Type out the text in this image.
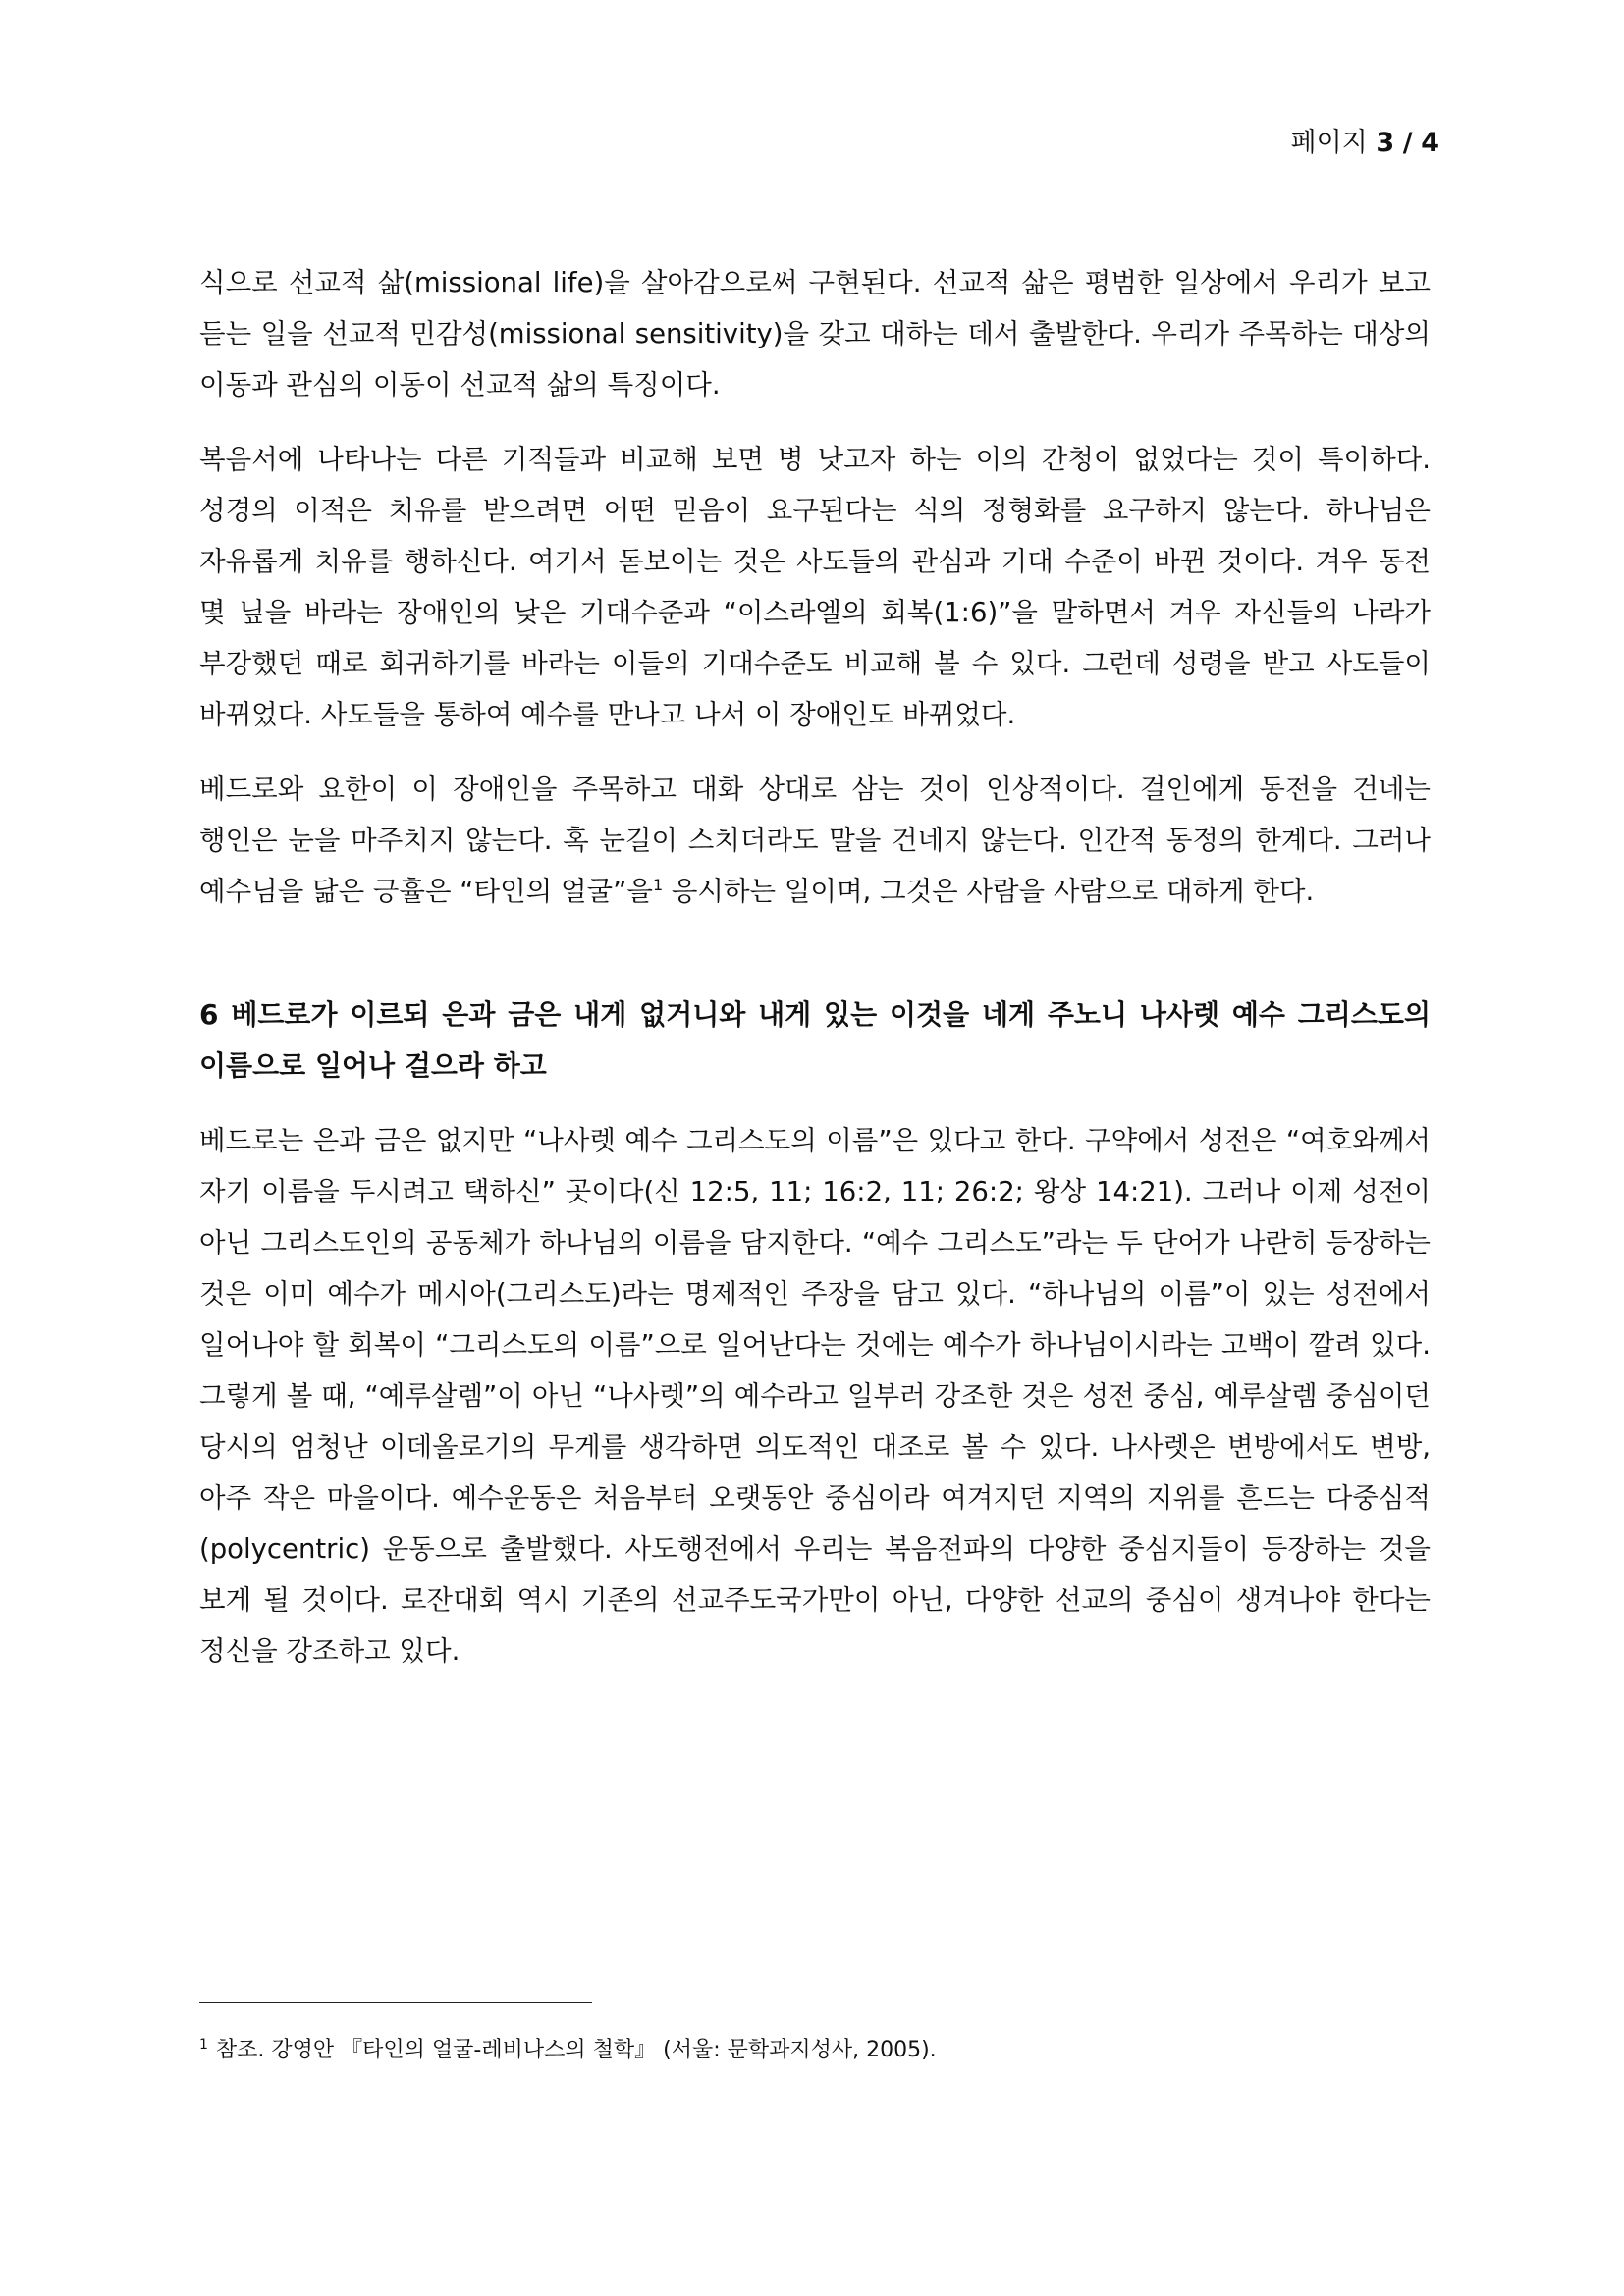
페이지 3 / 4

식으로 선교적 삶(missional life)을 살아감으로써 구현된다. 선교적 삶은 평범한 일상에서 우리가 보고 듣는 일을 선교적 민감성(missional sensitivity)을 갖고 대하는 데서 출발한다. 우리가 주목하는 대상의 이동과 관심의 이동이 선교적 삶의 특징이다.

복음서에 나타나는 다른 기적들과 비교해 보면 병 낫고자 하는 이의 간청이 없었다는 것이 특이하다. 성경의 이적은 치유를 받으려면 어떤 믿음이 요구된다는 식의 정형화를 요구하지 않는다. 하나님은 자유롭게 치유를 행하신다. 여기서 돋보이는 것은 사도들의 관심과 기대 수준이 바뀐 것이다. 겨우 동전 몇 닢을 바라는 장애인의 낮은 기대수준과 “이스라엘의 회복(1:6)”을 말하면서 겨우 자신들의 나라가 부강했던 때로 회귀하기를 바라는 이들의 기대수준도 비교해 볼 수 있다. 그런데 성령을 받고 사도들이 바뀌었다. 사도들을 통하여 예수를 만나고 나서 이 장애인도 바뀌었다.

베드로와 요한이 이 장애인을 주목하고 대화 상대로 삼는 것이 인상적이다. 걸인에게 동전을 건네는 행인은 눈을 마주치지 않는다. 혹 눈길이 스치더라도 말을 건네지 않는다. 인간적 동정의 한계다. 그러나 예수님을 닮은 긍휼은 “타인의 얼굴”을$^1$ 응시하는 일이며, 그것은 사람을 사람으로 대하게 한다.

6 베드로가 이르되 은과 금은 내게 없거니와 내게 있는 이것을 네게 주노니 나사렛 예수 그리스도의 이름으로 일어나 걸으라 하고

베드로는 은과 금은 없지만 “나사렛 예수 그리스도의 이름”은 있다고 한다. 구약에서 성전은 “여호와께서 자기 이름을 두시려고 택하신” 곳이다(신 12:5, 11; 16:2, 11; 26:2; 왕상 14:21). 그러나 이제 성전이 아닌 그리스도인의 공동체가 하나님의 이름을 담지한다. “예수 그리스도”라는 두 단어가 나란히 등장하는 것은 이미 예수가 메시아(그리스도)라는 명제적인 주장을 담고 있다. “하나님의 이름”이 있는 성전에서 일어나야 할 회복이 “그리스도의 이름”으로 일어난다는 것에는 예수가 하나님이시라는 고백이 깔려 있다. 그렇게 볼 때, “예루살렘”이 아닌 “나사렛”의 예수라고 일부러 강조한 것은 성전 중심, 예루살렘 중심이던 당시의 엄청난 이데올로기의 무게를 생각하면 의도적인 대조로 볼 수 있다. 나사렛은 변방에서도 변방, 아주 작은 마을이다. 예수운동은 처음부터 오랫동안 중심이라 여겨지던 지역의 지위를 흔드는 다중심적(polycentric) 운동으로 출발했다. 사도행전에서 우리는 복음전파의 다양한 중심지들이 등장하는 것을 보게 될 것이다. 로잔대회 역시 기존의 선교주도국가만이 아닌, 다양한 선교의 중심이 생겨나야 한다는 정신을 강조하고 있다.

$^1$ 참조. 강영안 『타인의 얼굴-레비나스의 철학』 (서울: 문학과지성사, 2005).
